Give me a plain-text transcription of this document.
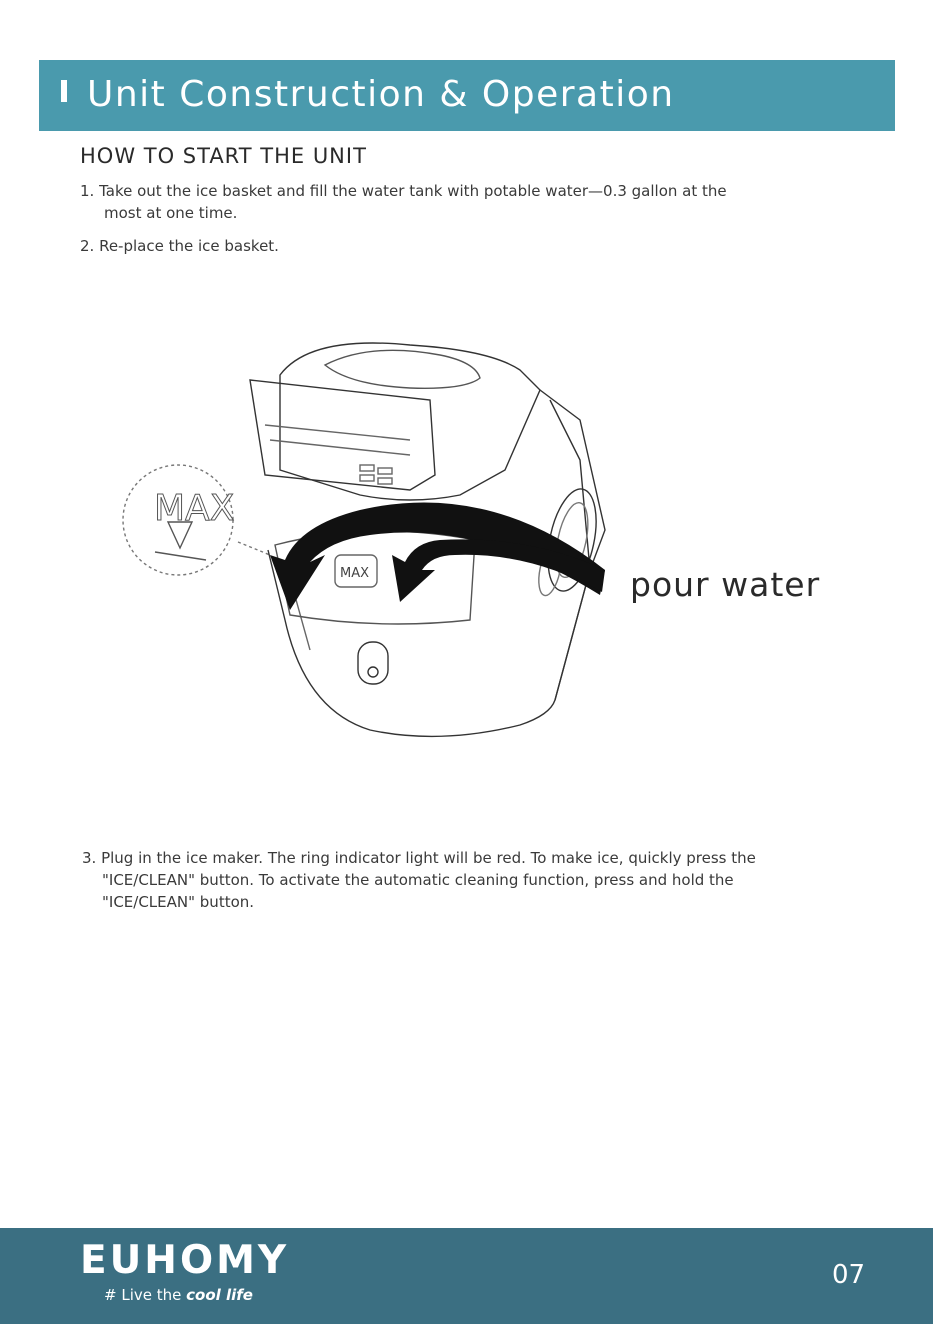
Unit Construction & Operation
HOW TO START THE UNIT
1. Take out the ice basket and fill the water tank with potable water—0.3 gallon at the
most at one time.
2. Re-place the ice basket.
MAX
MAX	pour water
3. Plug in the ice maker. The ring indicator light will be red. To make ice, quickly press the
"ICE/CLEAN" button. To activate the automatic cleaning function, press and hold the
"ICE/CLEAN" button.
EUHOMY
# Live the cool life
07
